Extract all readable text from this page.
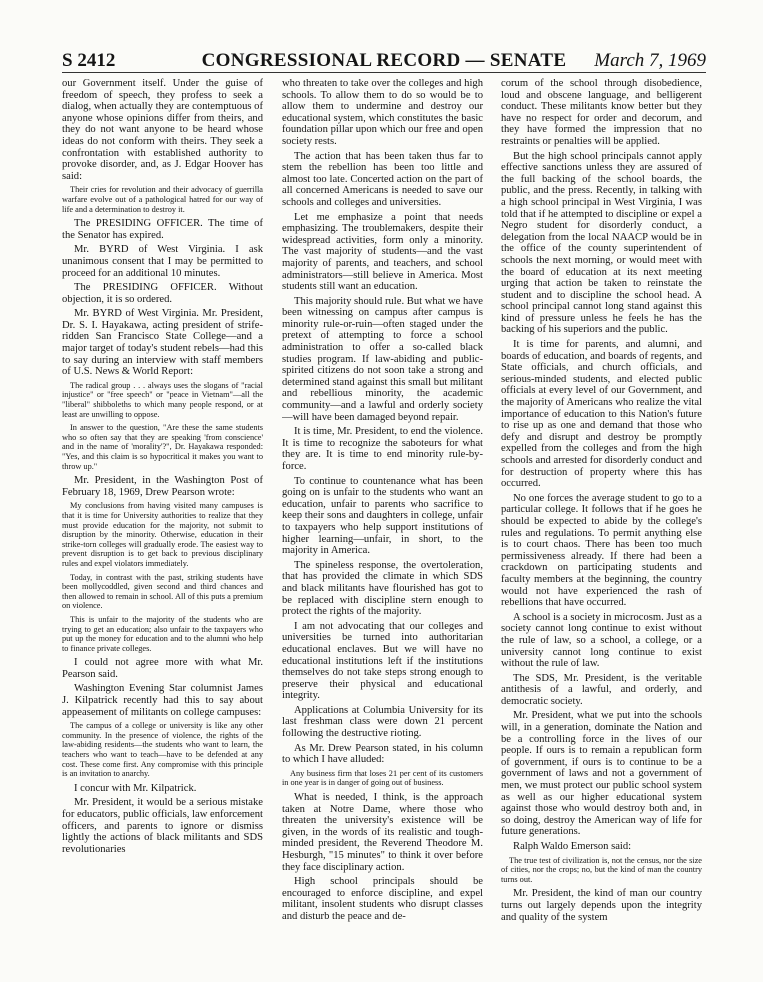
S 2412	CONGRESSIONAL RECORD — SENATE	March 7, 1969

our Government itself. Under the guise of freedom of speech, they profess to seek a dialog, when actually they are contemptuous of anyone whose opinions differ from theirs, and they do not want anyone to be heard whose ideas do not conform with theirs. They seek a confrontation with established authority to provoke disorder, and, as J. Edgar Hoover has said:

Their cries for revolution and their advocacy of guerrilla warfare evolve out of a pathological hatred for our way of life and a determination to destroy it.

The PRESIDING OFFICER. The time of the Senator has expired.

Mr. BYRD of West Virginia. I ask unanimous consent that I may be permitted to proceed for an additional 10 minutes.

The PRESIDING OFFICER. Without objection, it is so ordered.

Mr. BYRD of West Virginia. Mr. President, Dr. S. I. Hayakawa, acting president of strife-ridden San Francisco State College—and a major target of today's student rebels—had this to say during an interview with staff members of U.S. News & World Report:

The radical group . . . always uses the slogans of "racial injustice" or "free speech" or "peace in Vietnam"—all the "liberal" shibboleths to which many people respond, or at least are unwilling to oppose.

In answer to the question, "Are these the same students who so often say that they are speaking 'from conscience' and in the name of 'morality'?", Dr. Hayakawa responded: "Yes, and this claim is so hypocritical it makes you want to throw up."

Mr. President, in the Washington Post of February 18, 1969, Drew Pearson wrote:

My conclusions from having visited many campuses is that it is time for University authorities to realize that they must provide education for the majority, not submit to disruption by the minority. Otherwise, education in their strike-torn colleges will gradually erode. The easiest way to prevent disruption is to get back to previous disciplinary rules and expel violators immediately.

Today, in contrast with the past, striking students have been mollycoddled, given second and third chances and then allowed to remain in school. All of this puts a premium on violence.

This is unfair to the majority of the students who are trying to get an education; also unfair to the taxpayers who put up the money for education and to the alumni who help to finance private colleges.

I could not agree more with what Mr. Pearson said.

Washington Evening Star columnist James J. Kilpatrick recently had this to say about appeasement of militants on college campuses:

The campus of a college or university is like any other community. In the presence of violence, the rights of the law-abiding residents—the students who want to learn, the teachers who want to teach—have to be defended at any cost. These come first. Any compromise with this principle is an invitation to anarchy.

I concur with Mr. Kilpatrick.

Mr. President, it would be a serious mistake for educators, public officials, law enforcement officers, and parents to ignore or dismiss lightly the actions of black militants and SDS revolutionaries

who threaten to take over the colleges and high schools. To allow them to do so would be to allow them to undermine and destroy our educational system, which constitutes the basic foundation pillar upon which our free and open society rests.

The action that has been taken thus far to stem the rebellion has been too little and almost too late. Concerted action on the part of all concerned Americans is needed to save our schools and colleges and universities.

Let me emphasize a point that needs emphasizing. The troublemakers, despite their widespread activities, form only a minority. The vast majority of students—and the vast majority of parents, and teachers, and school administrators—still believe in America. Most students still want an education.

This majority should rule. But what we have been witnessing on campus after campus is minority rule-or-ruin—often staged under the pretext of attempting to force a school administration to offer a so-called black studies program. If law-abiding and public-spirited citizens do not soon take a strong and determined stand against this small but militant and rebellious minority, the academic community—and a lawful and orderly society—will have been damaged beyond repair.

It is time, Mr. President, to end the violence. It is time to recognize the saboteurs for what they are. It is time to end minority rule-by-force.

To continue to countenance what has been going on is unfair to the students who want an education, unfair to parents who sacrifice to keep their sons and daughters in college, unfair to taxpayers who help support institutions of higher learning—unfair, in short, to the majority in America.

The spineless response, the overtoleration, that has provided the climate in which SDS and black militants have flourished has got to be replaced with discipline stern enough to protect the rights of the majority.

I am not advocating that our colleges and universities be turned into authoritarian educational enclaves. But we will have no educational institutions left if the institutions themselves do not take steps strong enough to preserve their physical and educational integrity.

Applications at Columbia University for its last freshman class were down 21 percent following the destructive rioting.

As Mr. Drew Pearson stated, in his column to which I have alluded:

Any business firm that loses 21 per cent of its customers in one year is in danger of going out of business.

What is needed, I think, is the approach taken at Notre Dame, where those who threaten the university's existence will be given, in the words of its realistic and tough-minded president, the Reverend Theodore M. Hesburgh, "15 minutes" to think it over before they face disciplinary action.

High school principals should be encouraged to enforce discipline, and expel militant, insolent students who disrupt classes and disturb the peace and de-

corum of the school through disobedience, loud and obscene language, and belligerent conduct. These militants know better but they have no respect for order and decorum, and they have formed the impression that no restraints or penalties will be applied.

But the high school principals cannot apply effective sanctions unless they are assured of the full backing of the school boards, the public, and the press. Recently, in talking with a high school principal in West Virginia, I was told that if he attempted to discipline or expel a Negro student for disorderly conduct, a delegation from the local NAACP would be in the office of the county superintendent of schools the next morning, or would meet with the board of education at its next meeting urging that action be taken to reinstate the student and to discipline the school head. A school principal cannot long stand against this kind of pressure unless he feels he has the backing of his superiors and the public.

It is time for parents, and alumni, and boards of education, and boards of regents, and State officials, and church officials, and serious-minded students, and elected public officials at every level of our Government, and the majority of Americans who realize the vital importance of education to this Nation's future to rise up as one and demand that those who defy and disrupt and destroy be promptly expelled from the colleges and from the high schools and arrested for disorderly conduct and for destruction of property where this has occurred.

No one forces the average student to go to a particular college. It follows that if he goes he should be expected to abide by the college's rules and regulations. To permit anything else is to court chaos. There has been too much permissiveness already. If there had been a crackdown on participating students and faculty members at the beginning, the country would not have experienced the rash of rebellions that have occurred.

A school is a society in microcosm. Just as a society cannot long continue to exist without the rule of law, so a school, a college, or a university cannot long continue to exist without the rule of law.

The SDS, Mr. President, is the veritable antithesis of a lawful, and orderly, and democratic society.

Mr. President, what we put into the schools will, in a generation, dominate the Nation and be a controlling force in the lives of our people. If ours is to remain a republican form of government, if ours is to continue to be a government of laws and not a government of men, we must protect our public school system as well as our higher educational system against those who would destroy both and, in so doing, destroy the American way of life for future generations.

Ralph Waldo Emerson said:

The true test of civilization is, not the census, nor the size of cities, nor the crops; no, but the kind of man the country turns out.

Mr. President, the kind of man our country turns out largely depends upon the integrity and quality of the system
